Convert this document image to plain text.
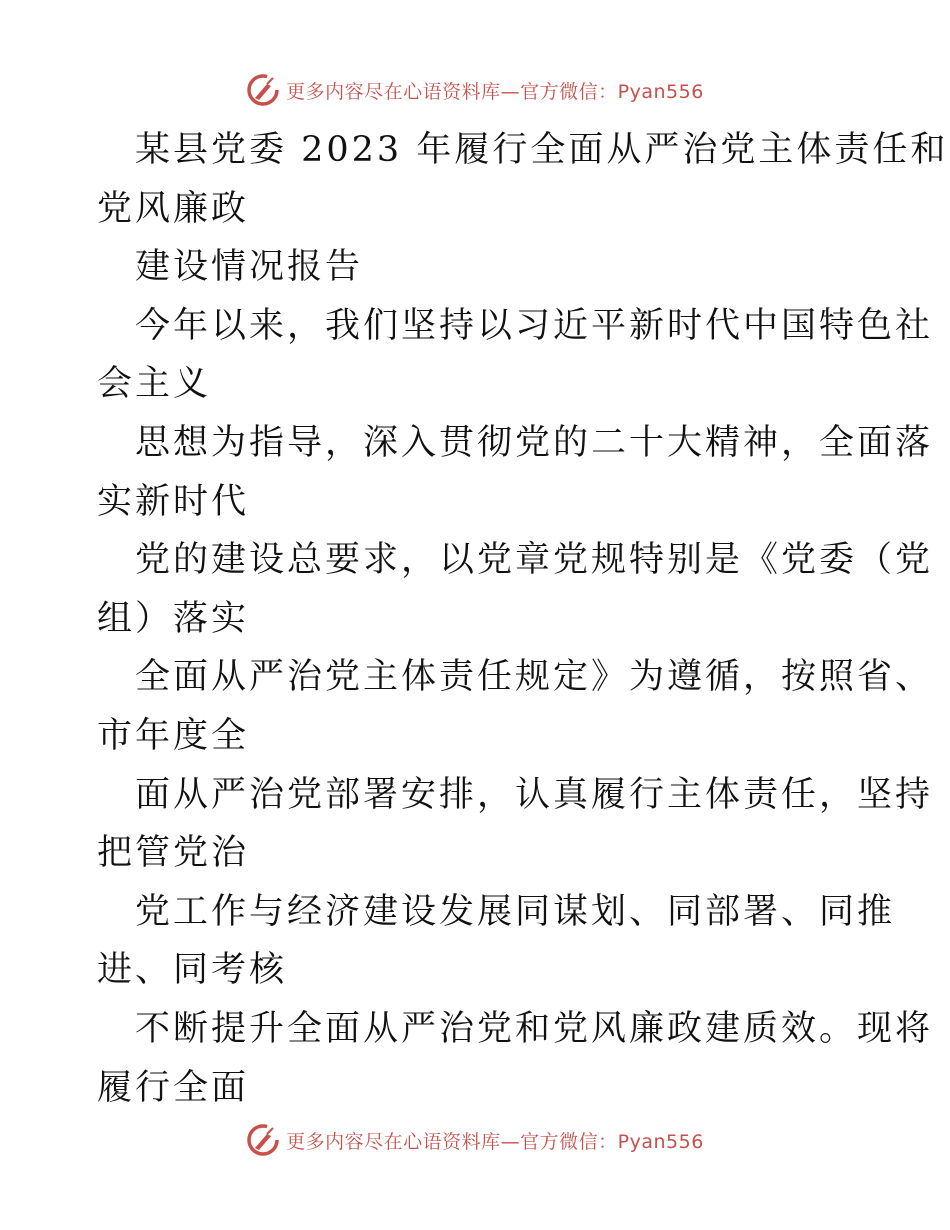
更多内容尽在心语资料库—官方微信：Pyan556
某县党委 2023 年履行全面从严治党主体责任和
党风廉政
建设情况报告
今年以来，我们坚持以习近平新时代中国特色社
会主义
思想为指导，深入贯彻党的二十大精神，全面落
实新时代
党的建设总要求，以党章党规特别是《党委（党
组）落实
全面从严治党主体责任规定》为遵循，按照省、
市年度全
面从严治党部署安排，认真履行主体责任，坚持
把管党治
党工作与经济建设发展同谋划、同部署、同推
进、同考核
不断提升全面从严治党和党风廉政建质效。现将
履行全面
更多内容尽在心语资料库—官方微信：Pyan556
